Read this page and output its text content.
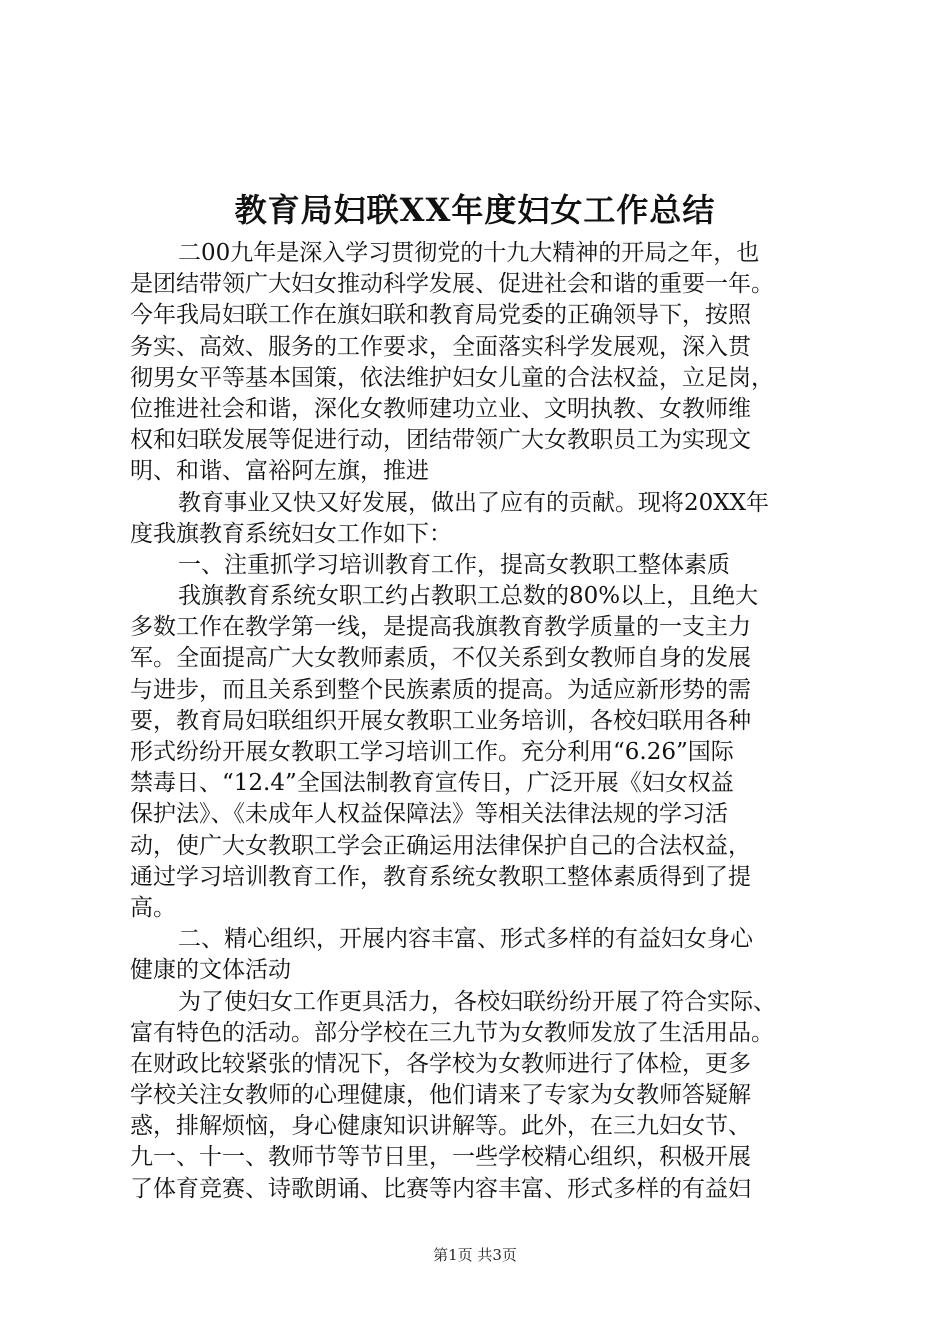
教育局妇联XX年度妇女工作总结
二00九年是深入学习贯彻党的十九大精神的开局之年，也
是团结带领广大妇女推动科学发展、促进社会和谐的重要一年。
今年我局妇联工作在旗妇联和教育局党委的正确领导下，按照
务实、高效、服务的工作要求，全面落实科学发展观，深入贯
彻男女平等基本国策，依法维护妇女儿童的合法权益，立足岗，
位推进社会和谐，深化女教师建功立业、文明执教、女教师维
权和妇联发展等促进行动，团结带领广大女教职员工为实现文
明、和谐、富裕阿左旗，推进
教育事业又快又好发展，做出了应有的贡献。现将20XX年
度我旗教育系统妇女工作如下：
一、注重抓学习培训教育工作，提高女教职工整体素质
我旗教育系统女职工约占教职工总数的80%以上，且绝大
多数工作在教学第一线，是提高我旗教育教学质量的一支主力
军。全面提高广大女教师素质，不仅关系到女教师自身的发展
与进步，而且关系到整个民族素质的提高。为适应新形势的需
要，教育局妇联组织开展女教职工业务培训，各校妇联用各种
形式纷纷开展女教职工学习培训工作。充分利用“6.26”国际
禁毒日、“12.4”全国法制教育宣传日，广泛开展《妇女权益
保护法》、《未成年人权益保障法》等相关法律法规的学习活
动，使广大女教职工学会正确运用法律保护自己的合法权益，
通过学习培训教育工作，教育系统女教职工整体素质得到了提
高。
二、精心组织，开展内容丰富、形式多样的有益妇女身心
健康的文体活动
为了使妇女工作更具活力，各校妇联纷纷开展了符合实际、
富有特色的活动。部分学校在三九节为女教师发放了生活用品。
在财政比较紧张的情况下，各学校为女教师进行了体检，更多
学校关注女教师的心理健康，他们请来了专家为女教师答疑解
惑，排解烦恼，身心健康知识讲解等。此外，在三九妇女节、
九一、十一、教师节等节日里，一些学校精心组织，积极开展
了体育竞赛、诗歌朗诵、比赛等内容丰富、形式多样的有益妇
第1页 共3页
